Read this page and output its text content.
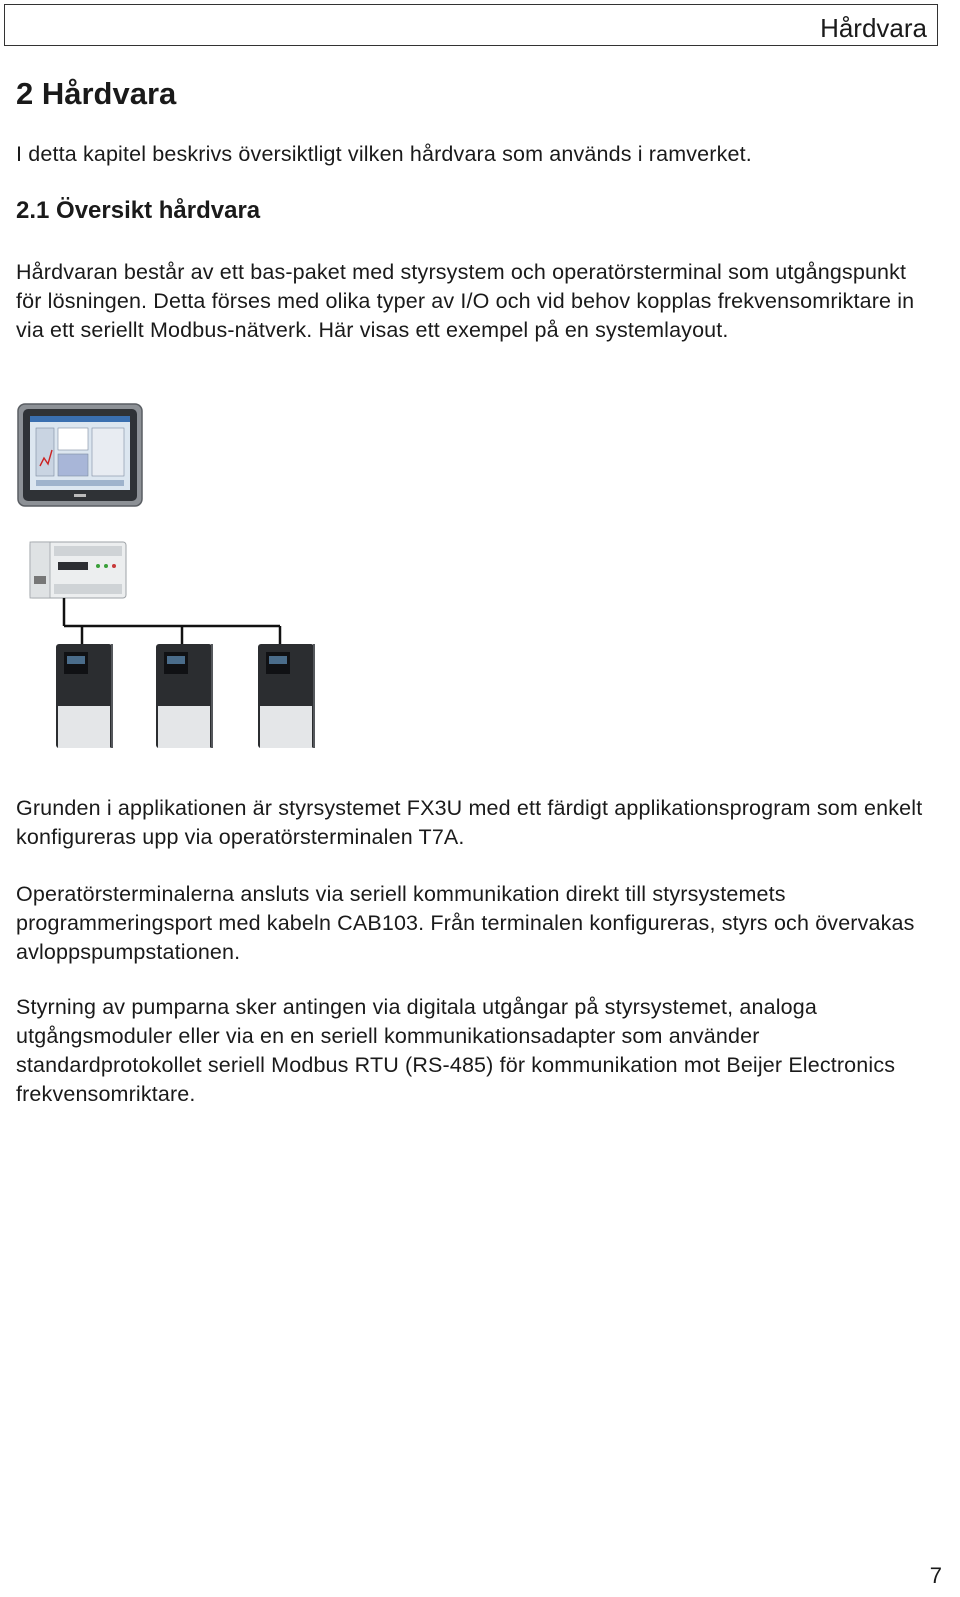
Hårdvara
2 Hårdvara

I detta kapitel beskrivs översiktligt vilken hårdvara som används i ramverket.

2.1 Översikt hårdvara

Hårdvaran består av ett bas-paket med styrsystem och operatörsterminal som utgångspunkt för lösningen. Detta förses med olika typer av I/O och vid behov kopplas frekvensomriktare in via ett seriellt Modbus-nätverk. Här visas ett exempel på en systemlayout.

Grunden i applikationen är styrsystemet FX3U med ett färdigt applikationsprogram som enkelt konfigureras upp via operatörsterminalen T7A.

Operatörsterminalerna ansluts via seriell kommunikation direkt till styrsystemets programmeringsport med kabeln CAB103. Från terminalen konfigureras, styrs och övervakas avloppspumpstationen.

Styrning av pumparna sker antingen via digitala utgångar på styrsystemet, analoga utgångsmoduler eller via en en seriell kommunikationsadapter som använder standardprotokollet seriell Modbus RTU (RS-485) för kommunikation mot Beijer Electronics frekvensomriktare.

7
